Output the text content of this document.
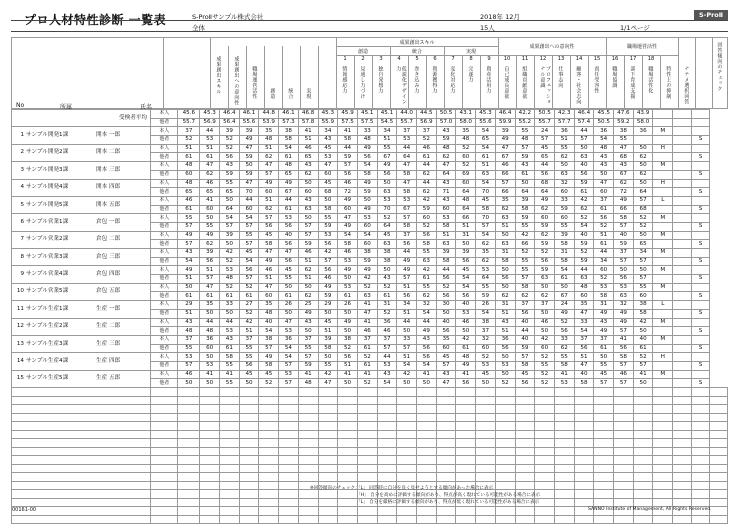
プロ人材特性診断 一覧表	S-ProⅡサンプル株式会社	2018年 12月
全体	15人	1/1ページ
S-ProⅡ
成果創出スキル
創造	統合	実現
成果創出への意向性	職場運営活性
1	2	3	4	5	6	7	8	9	10	11	12	13	14	15	16	17	18
成果創出スキル 成果創出への意向性 職場運営活性 創造 統合 実現	情報感応力 見通し力づけ 独自発想力	仮説化デザイン力	巻き込み力 資源獲得力 変化対応力 完遂力 資産活用力 自己成長意欲 組織貢献意欲	プロフェッショナル意識	仕事志向 顧客・社会志向 責任受容性 職場協調 部下育成支援 職場活性化 特性上の抑制 ナナメ選択回答	回答傾向のチェック
No	所属	氏名
受検者平均	本人	45.6	45.3	46.4	46.1	44.8	46.1	46.8	45.3	45.9	45.1	45.1	44.0	44.5	50.5	43.1	45.3	46.4	42.2	50.5	42.3	46.4	45.5	47.6	43.9				
	他者	55.7	56.9	56.4	55.6	53.9	57.3	57.8	55.9	57.5	57.5	54.5	55.7	56.9	57.0	58.0	55.6	59.9	55.2	55.7	57.7	57.4	50.5	59.2	58.0				
1 サンプル開発1課 開本 一郎	本人	37	44	39	39	35	38	41	34	41	33	34	37	37	43	35	54	39	55	24	36	44	36	38	36	M			
	他者	52	53	52	49	48	58	51	43	58	48	51	53	52	59	48	65	49	48	57	51	57	54	55				S	
2 サンプル開発2課 開本 二郎	本人	51	51	52	47	51	54	46	45	44	49	55	44	46	48	52	54	47	57	45	55	50	48	47	50	H			
	他者	61	61	56	59	62	61	65	53	59	56	67	64	61	62	60	61	67	59	65	62	63	43	68	62			S	
3 サンプル開発3課 開本 三郎	本人	48	47	43	50	47	48	43	47	57	54	49	47	44	47	52	51	46	43	44	50	40	43	43	50	M			
	他者	60	62	59	59	57	65	62	60	56	58	56	58	62	64	69	63	66	61	56	63	56	50	67	62			S	
4 サンプル開発4課 開本 四郎	本人	48	46	55	47	49	49	50	45	46	49	50	47	44	43	60	54	57	50	68	32	59	47	62	50	H			
	他者	65	65	65	70	60	67	60	68	72	59	63	58	62	71	64	70	66	64	64	60	61	60	72	64			S	
5 サンプル開発5課 開本 五郎	本人	46	41	50	44	51	44	43	50	49	50	53	53	42	43	48	45	35	39	49	33	42	37	49	57	L			
	他者	61	60	64	60	62	61	63	58	60	49	70	67	59	60	64	58	62	58	62	59	62	61	66	68			S	
6 サンプル営業1課 倉包 一郎	本人	55	50	54	54	57	53	50	55	47	53	52	57	60	53	66	70	63	59	60	60	52	56	58	52	M			
	他者	57	55	57	57	56	56	57	59	49	60	64	58	52	58	51	57	51	55	59	55	54	52	57	52			S	
7 サンプル営業2課 倉包 二郎	本人	49	49	39	55	45	40	57	53	54	54	45	37	56	51	31	54	50	42	62	39	40	51	40	50	M			
	他者	57	62	50	57	58	56	59	56	58	60	63	56	58	63	50	62	63	66	59	58	59	61	59	65			S	
8 サンプル営業3課 倉包 三郎	本人	43	39	42	45	47	47	46	42	46	38	38	44	55	39	39	35	31	52	52	31	52	44	37	34	M			
	他者	54	56	52	54	49	56	51	57	53	59	38	49	63	58	56	62	58	55	56	58	59	34	57	57			S	
9 サンプル営業4課 倉包 四郎	本人	49	51	53	56	46	45	62	56	49	49	50	49	42	44	45	53	50	55	59	54	44	60	50	50	M			
	他者	51	57	48	57	51	55	51	46	50	42	43	57	61	56	54	64	56	57	63	61	63	52	56	57			S	
10 サンプル営業5課 倉包 五郎	本人	50	47	52	52	47	50	50	49	53	52	52	51	55	52	54	55	50	58	50	50	48	53	53	55	M			
	他者	61	61	61	61	60	61	62	59	61	63	61	56	62	56	56	59	62	62	62	67	60	58	63	60			S	
11 サンプル生産1課 生産 一郎	本人	29	35	33	27	35	26	25	29	26	41	31	34	32	30	40	26	31	37	37	24	35	31	32	38	L			
	他者	51	50	50	52	48	50	49	50	50	47	52	51	54	50	53	54	51	56	50	49	47	49	49	58			S	
12 サンプル生産2課 生産 二郎	本人	43	44	44	42	40	47	43	45	49	41	36	44	44	40	46	38	43	40	46	52	33	43	49	42	M			
	他者	48	48	53	51	54	53	50	51	50	46	46	50	49	56	50	37	51	44	50	56	54	49	57	50			S	
13 サンプル生産3課 生産 三郎	本人	37	36	43	37	38	36	37	39	38	37	37	33	43	35	42	32	36	40	42	33	37	37	41	40	M			
	他者	55	60	61	55	57	54	55	58	52	61	57	57	56	60	61	60	56	59	60	62	56	61	56	61			S	
14 サンプル生産4課 生産 四郎	本人	53	50	58	55	49	54	57	50	56	52	44	51	56	45	48	52	50	57	52	55	51	50	58	52	H			
	他者	57	53	55	56	58	57	59	55	51	61	53	54	54	57	49	53	53	58	55	58	47	55	57	57			S	
15 サンプル生産5課 生産 五郎	本人	46	41	41	45	45	53	41	42	41	41	43	42	41	43	41	45	50	45	52	41	40	45	46	41	M			
	他者	50	50	55	50	52	57	48	47	50	52	54	50	50	47	56	50	52	56	52	53	58	57	57	50			S	

※回答傾向のチェック：
「L」 回答時に自分を良く見せようとする傾向があった場合に表示
「H」 自分を高めに評価する傾向があり、得点が高く現れている可能性がある場合に表示
「L」 自分を厳格に評価する傾向があり、得点が低く現れている可能性がある場合に表示
00161-00	SANNO Institute of Management, All Rights Reserved.
